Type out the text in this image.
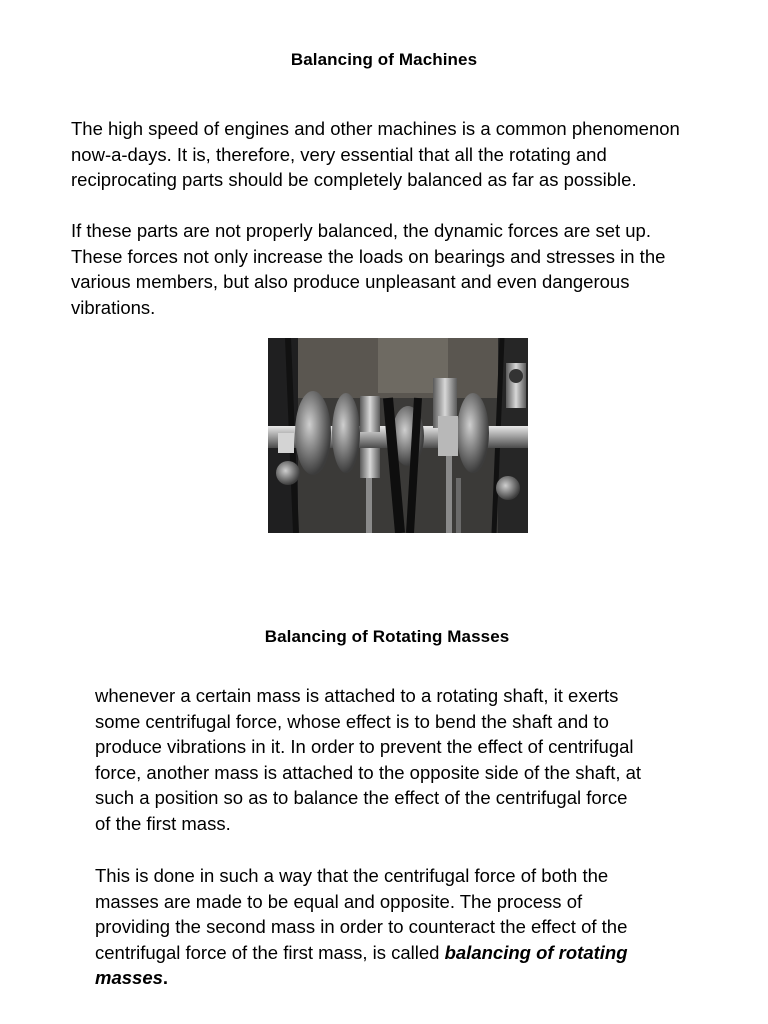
Balancing of Machines

The high speed of engines and other machines is a common phenomenon
now-a-days. It is, therefore, very essential that all the rotating and
reciprocating parts should be completely balanced as far as possible.

If these parts are not properly balanced, the dynamic forces are set up.
These forces not only increase the loads on bearings and stresses in the
various members, but also produce unpleasant and even dangerous
vibrations.

Balancing of Rotating Masses

whenever a certain mass is attached to a rotating shaft, it exerts
some centrifugal force, whose effect is to bend the shaft and to
produce vibrations in it. In order to prevent the effect of centrifugal
force, another mass is attached to the opposite side of the shaft, at
such a position so as to balance the effect of the centrifugal force
of the first mass.

This is done in such a way that the centrifugal force of both the
masses are made to be equal and opposite. The process of
providing the second mass in order to counteract the effect of the
centrifugal force of the first mass, is called balancing of rotating
masses.
